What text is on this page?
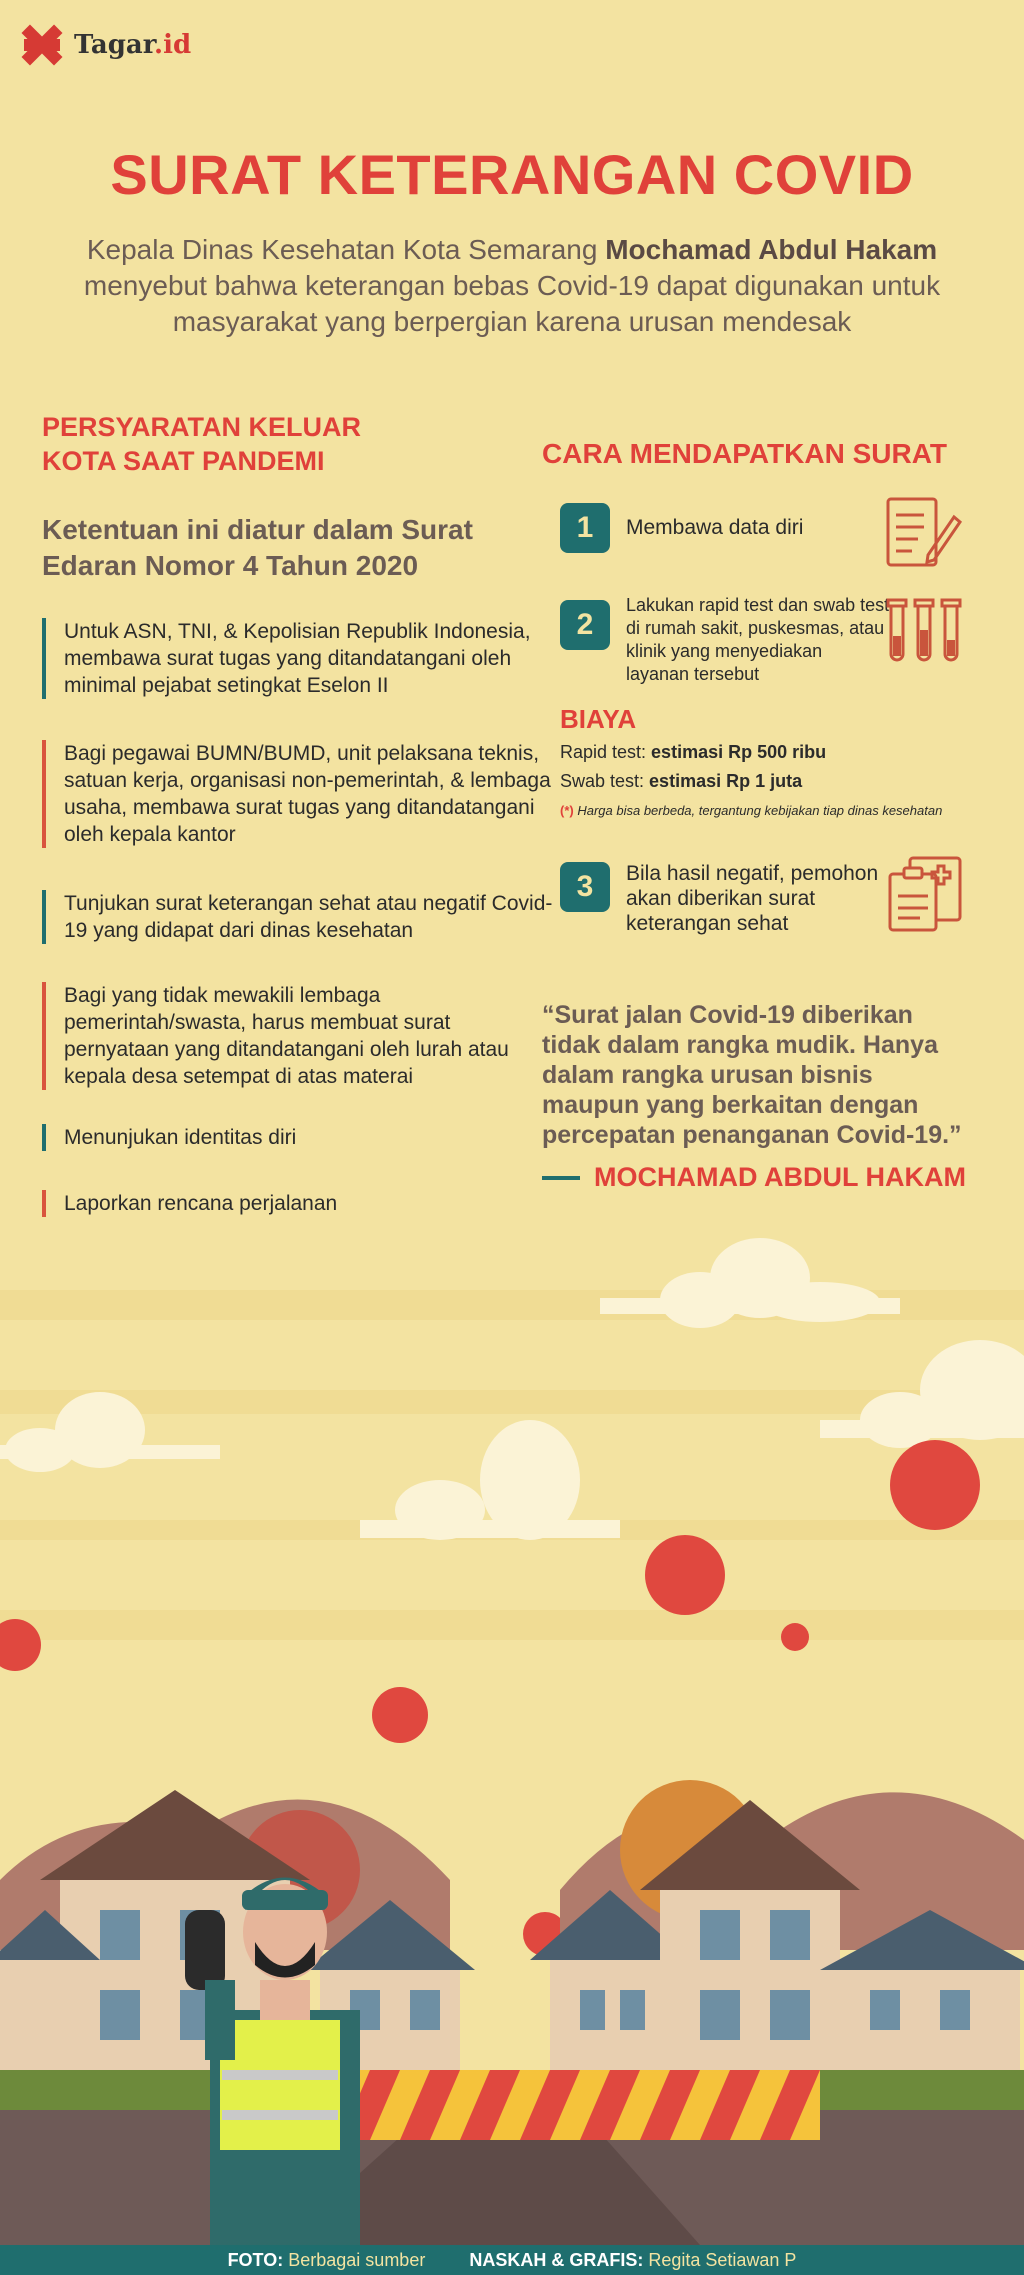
Tagar.id
SURAT KETERANGAN COVID
Kepala Dinas Kesehatan Kota Semarang Mochamad Abdul Hakam menyebut bahwa keterangan bebas Covid-19 dapat digunakan untuk masyarakat yang berpergian karena urusan mendesak
PERSYARATAN KELUAR
KOTA SAAT PANDEMI
Ketentuan ini diatur dalam Surat Edaran Nomor 4 Tahun 2020
Untuk ASN, TNI, & Kepolisian Republik Indonesia, membawa surat tugas yang ditandatangani oleh minimal pejabat setingkat Eselon II
Bagi pegawai BUMN/BUMD, unit pelaksana teknis, satuan kerja, organisasi non-pemerintah, & lembaga usaha, membawa surat tugas yang ditandatangani oleh kepala kantor
Tunjukan surat keterangan sehat atau negatif Covid-19 yang didapat dari dinas kesehatan
Bagi yang tidak mewakili lembaga pemerintah/swasta, harus membuat surat pernyataan yang ditandatangani oleh lurah atau kepala desa setempat di atas materai
Menunjukan identitas diri
Laporkan rencana perjalanan
CARA MENDAPATKAN SURAT
1	Membawa data diri
2
Lakukan rapid test dan swab test di rumah sakit, puskesmas, atau klinik yang menyediakan layanan tersebut
BIAYA
Rapid test: estimasi Rp 500 ribu
Swab test: estimasi Rp 1 juta
(*) Harga bisa berbeda, tergantung kebijakan tiap dinas kesehatan
3	Bila hasil negatif, pemohon akan diberikan surat keterangan sehat
“Surat jalan Covid-19 diberikan tidak dalam rangka mudik. Hanya dalam rangka urusan bisnis maupun yang berkaitan dengan percepatan penanganan Covid-19.”
MOCHAMAD ABDUL HAKAM
FOTO: Berbagai sumber NASKAH & GRAFIS: Regita Setiawan P
